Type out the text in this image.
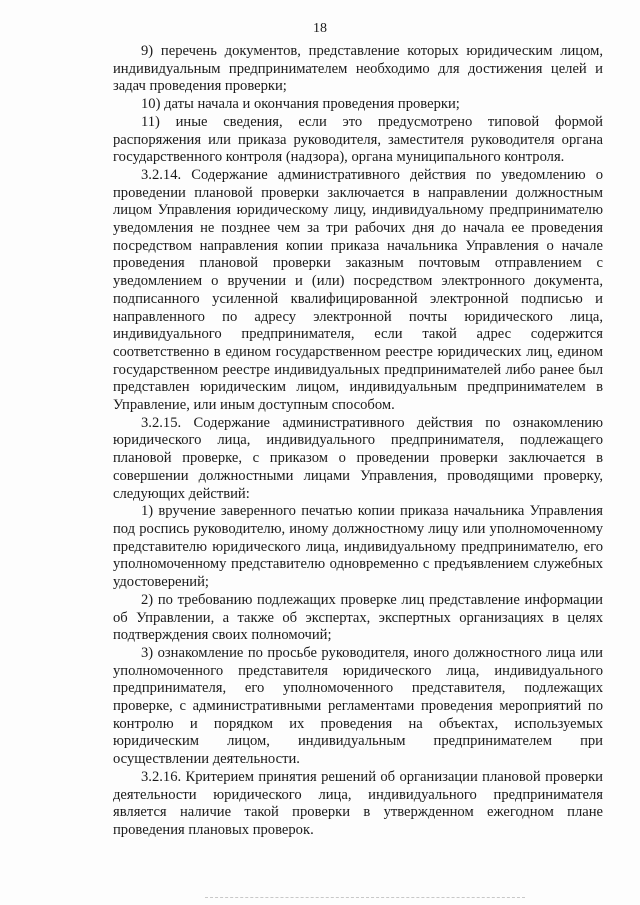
18

9) перечень документов, представление которых юридическим лицом, индивидуальным предпринимателем необходимо для достижения целей и задач проведения проверки;

10) даты начала и окончания проведения проверки;

11) иные сведения, если это предусмотрено типовой формой распоряжения или приказа руководителя, заместителя руководителя органа государственного контроля (надзора), органа муниципального контроля.

3.2.14. Содержание административного действия по уведомлению о проведении плановой проверки заключается в направлении должностным лицом Управления юридическому лицу, индивидуальному предпринимателю уведомления не позднее чем за три рабочих дня до начала ее проведения посредством направления копии приказа начальника Управления о начале проведения плановой проверки заказным почтовым отправлением с уведомлением о вручении и (или) посредством электронного документа, подписанного усиленной квалифицированной электронной подписью и направленного по адресу электронной почты юридического лица, индивидуального предпринимателя, если такой адрес содержится соответственно в едином государственном реестре юридических лиц, едином государственном реестре индивидуальных предпринимателей либо ранее был представлен юридическим лицом, индивидуальным предпринимателем в Управление, или иным доступным способом.

3.2.15. Содержание административного действия по ознакомлению юридического лица, индивидуального предпринимателя, подлежащего плановой проверке, с приказом о проведении проверки заключается в совершении должностными лицами Управления, проводящими проверку, следующих действий:

1) вручение заверенного печатью копии приказа начальника Управления под роспись руководителю, иному должностному лицу или уполномоченному представителю юридического лица, индивидуальному предпринимателю, его уполномоченному представителю одновременно с предъявлением служебных удостоверений;

2) по требованию подлежащих проверке лиц представление информации об Управлении, а также об экспертах, экспертных организациях в целях подтверждения своих полномочий;

3) ознакомление по просьбе руководителя, иного должностного лица или уполномоченного представителя юридического лица, индивидуального предпринимателя, его уполномоченного представителя, подлежащих проверке, с административными регламентами проведения мероприятий по контролю и порядком их проведения на объектах, используемых юридическим лицом, индивидуальным предпринимателем при осуществлении деятельности.

3.2.16. Критерием принятия решений об организации плановой проверки деятельности юридического лица, индивидуального предпринимателя является наличие такой проверки в утвержденном ежегодном плане проведения плановых проверок.
